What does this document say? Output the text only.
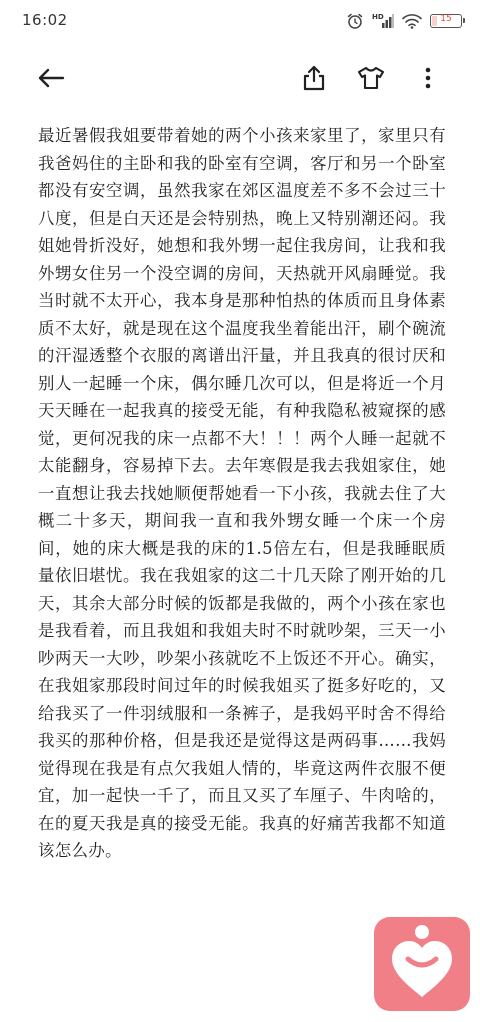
16:02	HD	15
最近暑假我姐要带着她的两个小孩来家里了，家里只有我爸妈住的主卧和我的卧室有空调，客厅和另一个卧室都没有安空调，虽然我家在郊区温度差不多不会过三十八度，但是白天还是会特别热，晚上又特别潮还闷。我姐她骨折没好，她想和我外甥一起住我房间，让我和我外甥女住另一个没空调的房间，天热就开风扇睡觉。我当时就不太开心，我本身是那种怕热的体质而且身体素质不太好，就是现在这个温度我坐着能出汗，刷个碗流的汗湿透整个衣服的离谱出汗量，并且我真的很讨厌和别人一起睡一个床，偶尔睡几次可以，但是将近一个月天天睡在一起我真的接受无能，有种我隐私被窥探的感觉，更何况我的床一点都不大！！！两个人睡一起就不太能翻身，容易掉下去。去年寒假是我去我姐家住，她一直想让我去找她顺便帮她看一下小孩，我就去住了大概二十多天，期间我一直和我外甥女睡一个床一个房间，她的床大概是我的床的1.5倍左右，但是我睡眠质量依旧堪忧。我在我姐家的这二十几天除了刚开始的几天，其余大部分时候的饭都是我做的，两个小孩在家也是我看着，而且我姐和我姐夫时不时就吵架，三天一小吵两天一大吵，吵架小孩就吃不上饭还不开心。确实，在我姐家那段时间过年的时候我姐买了挺多好吃的，又给我买了一件羽绒服和一条裤子，是我妈平时舍不得给我买的那种价格，但是我还是觉得这是两码事……我妈觉得现在我是有点欠我姐人情的，毕竟这两件衣服不便宜，加一起快一千了，而且又买了车厘子、牛肉啥的，在的夏天我是真的接受无能。我真的好痛苦我都不知道该怎么办。
